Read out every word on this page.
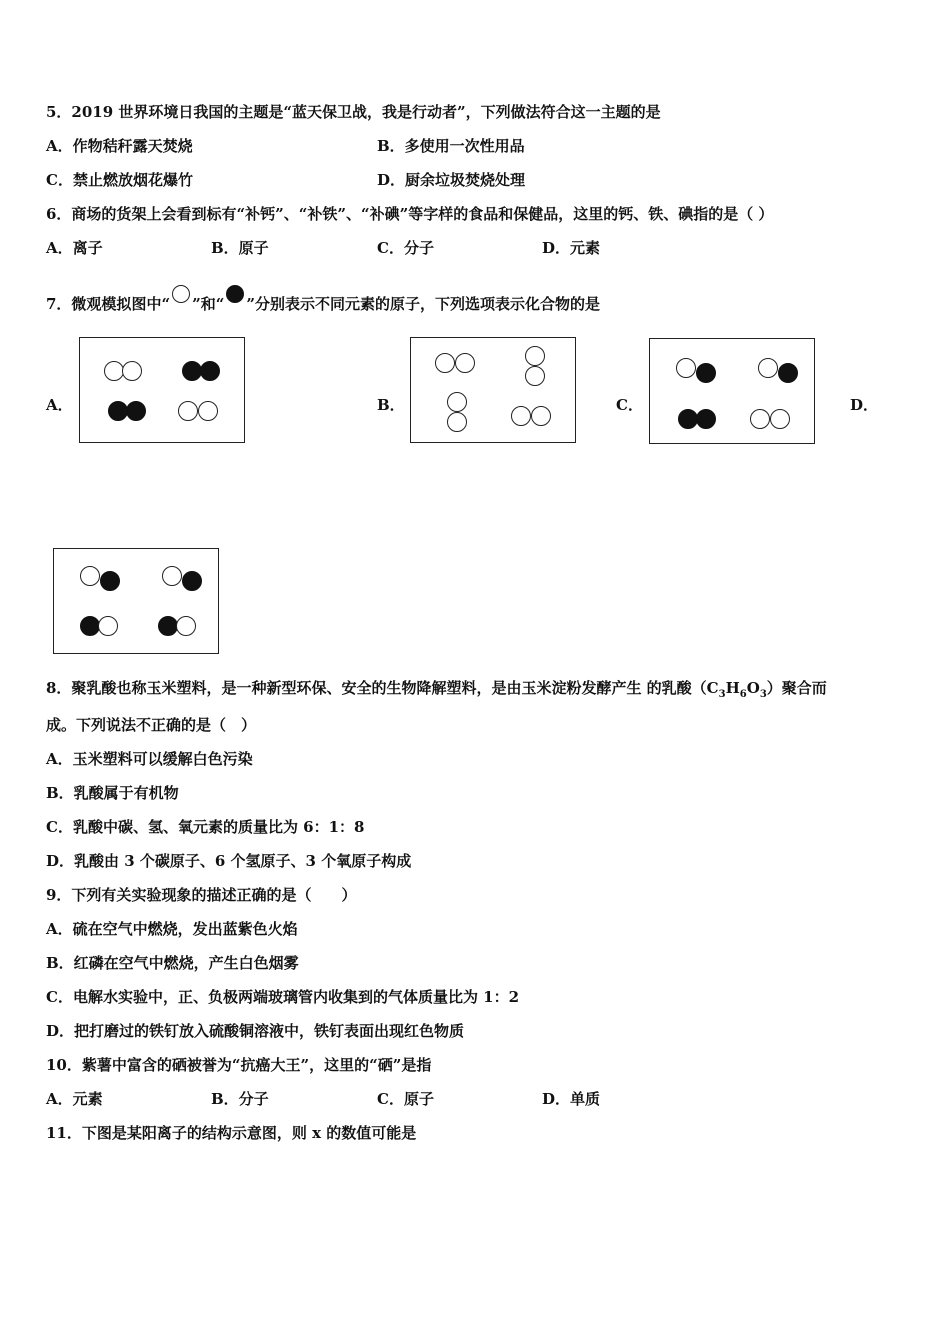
5．2019 世界环境日我国的主题是“蓝天保卫战，我是行动者”，下列做法符合这一主题的是
A．作物秸秆露天焚烧	B．多使用一次性用品
C．禁止燃放烟花爆竹	D．厨余垃圾焚烧处理
6．商场的货架上会看到标有“补钙”、“补铁”、“补碘”等字样的食品和保健品，这里的钙、铁、碘指的是（ ）
A．离子	B．原子	C．分子	D．元素
7．微观模拟图中“ ”和“ ”分别表示不同元素的原子，下列选项表示化合物的是
A．	B．	C．	D．
8．聚乳酸也称玉米塑料，是一种新型环保、安全的生物降解塑料，是由玉米淀粉发酵产生 的乳酸$(C_3H_6O_3)$聚合而
成。下列说法不正确的是（　）
A．玉米塑料可以缓解白色污染
B．乳酸属于有机物
C．乳酸中碳、氢、氧元素的质量比为 6：1：8
D．乳酸由 3 个碳原子、6 个氢原子、3 个氧原子构成
9．下列有关实验现象的描述正确的是（　　）
A．硫在空气中燃烧，发出蓝紫色火焰
B．红磷在空气中燃烧，产生白色烟雾
C．电解水实验中，正、负极两端玻璃管内收集到的气体质量比为 1：2
D．把打磨过的铁钉放入硫酸铜溶液中，铁钉表面出现红色物质
10．紫薯中富含的硒被誉为“抗癌大王”，这里的“硒”是指
A．元素	B．分子	C．原子	D．单质
11．下图是某阳离子的结构示意图，则 x 的数值可能是
